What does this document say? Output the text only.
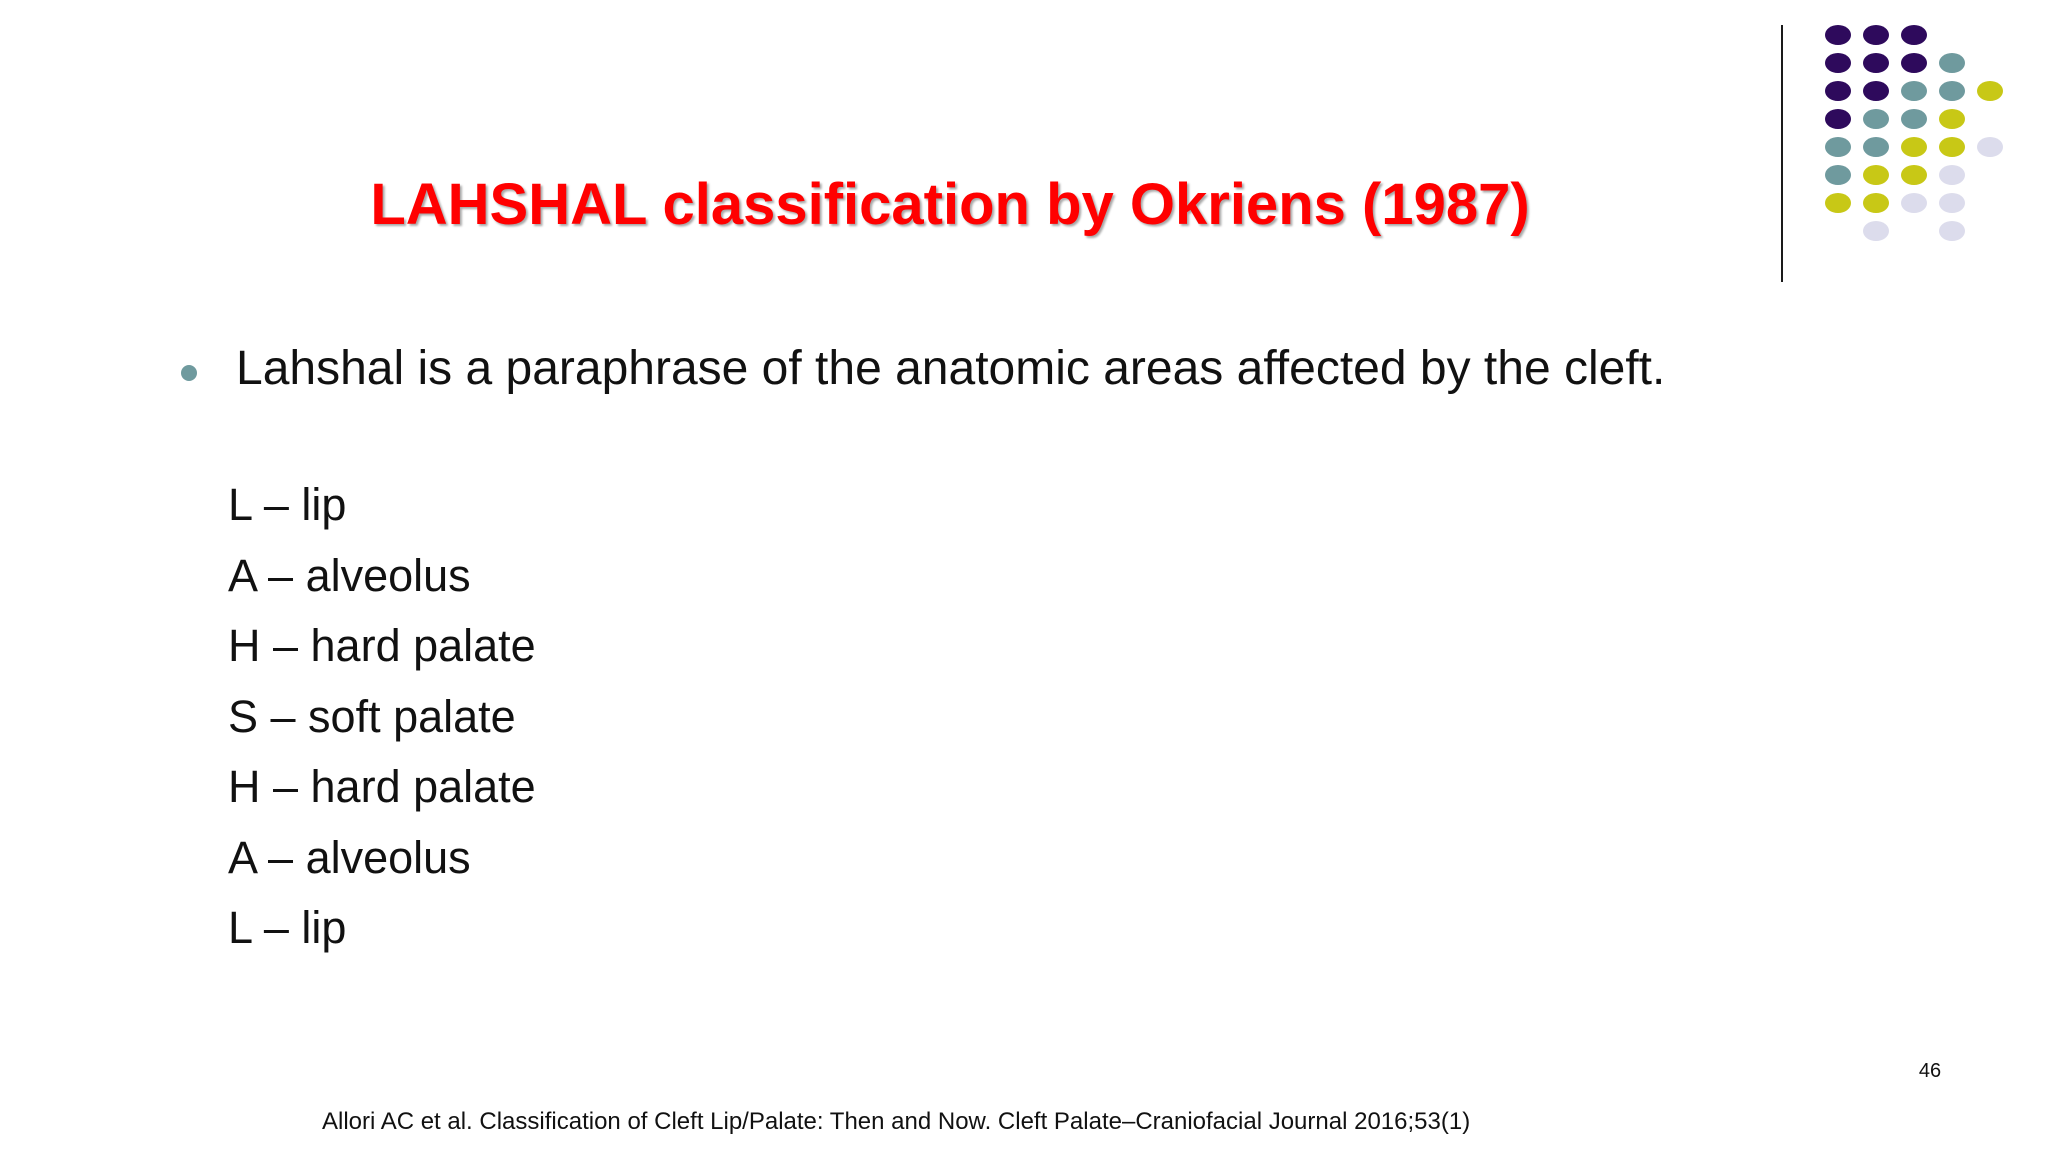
LAHSHAL classification by Okriens (1987)
Lahshal is a paraphrase of the anatomic areas affected by the cleft.
L – lip
A – alveolus
H – hard palate
S – soft palate
H – hard palate
A – alveolus
L – lip
46
Allori AC et al. Classification of Cleft Lip/Palate: Then and Now. Cleft Palate–Craniofacial Journal 2016;53(1)
